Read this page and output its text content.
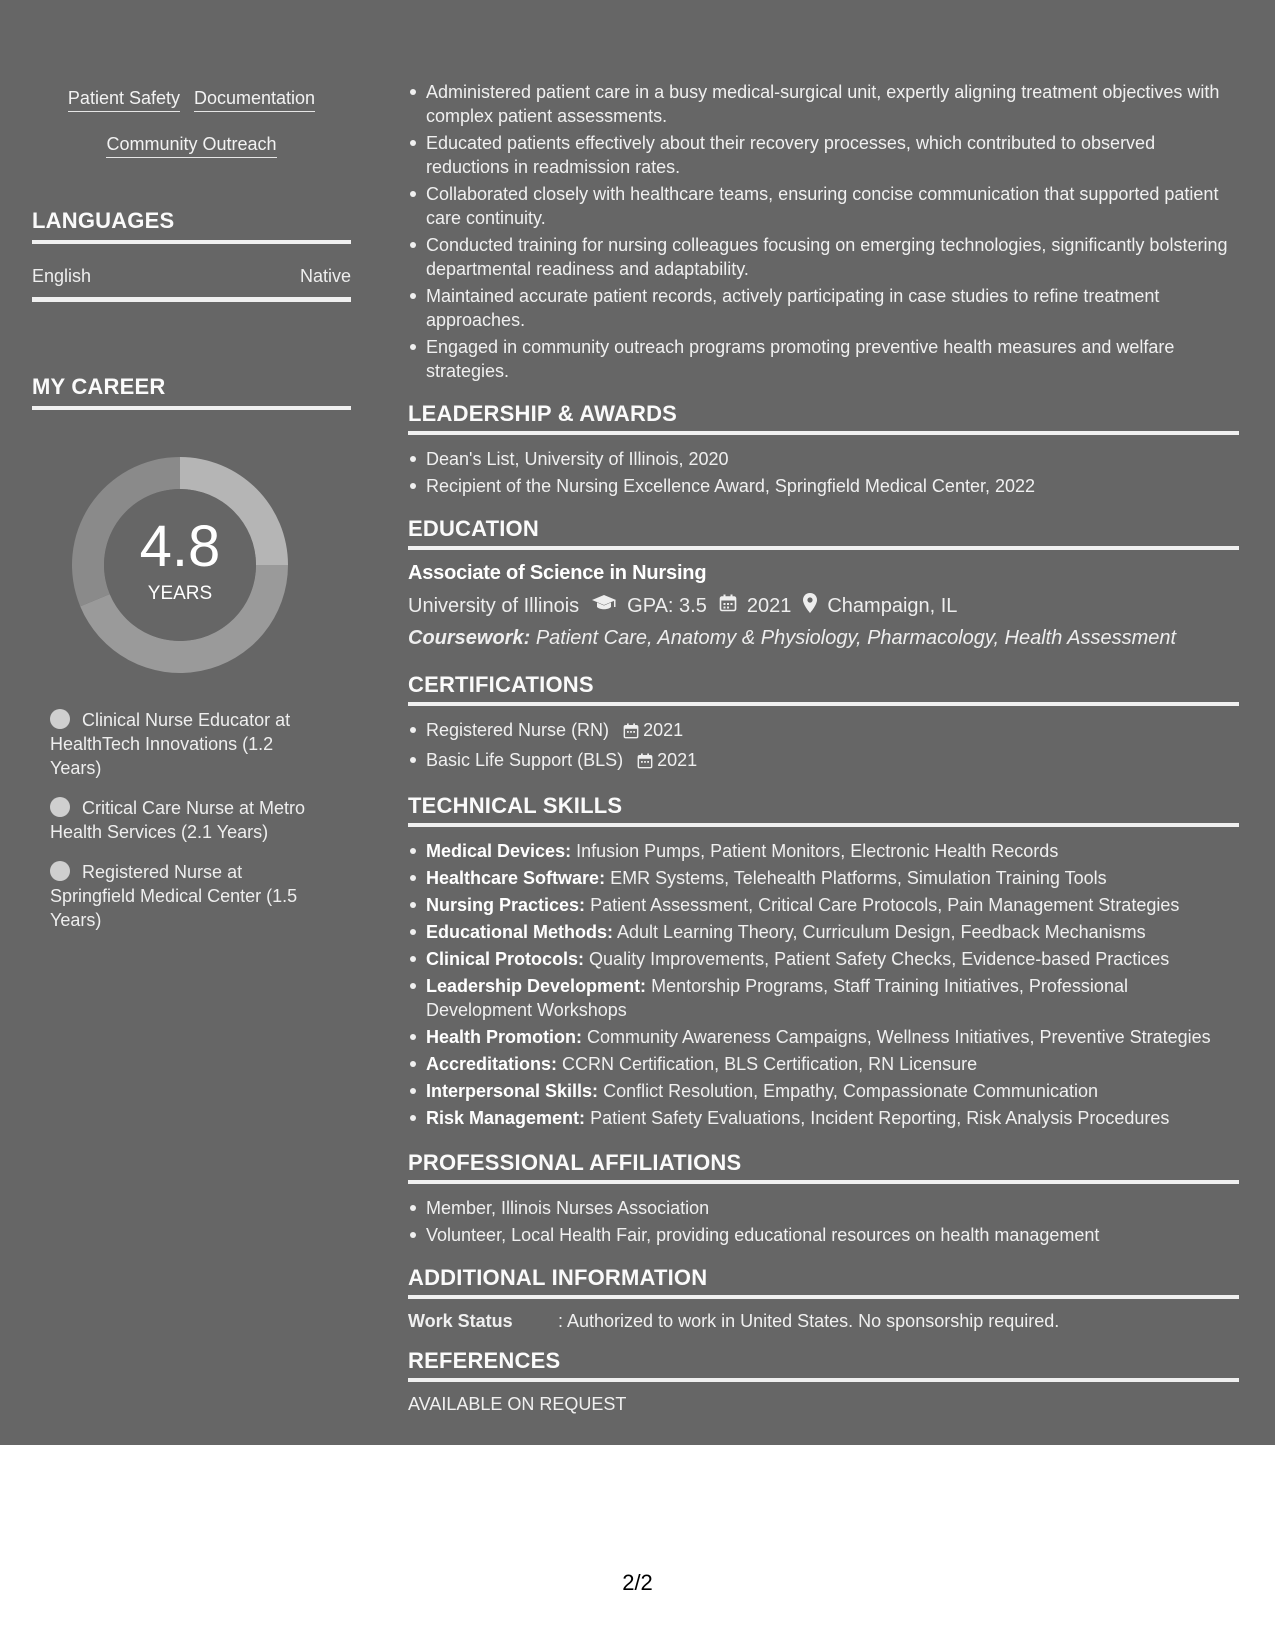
Patient Safety Documentation
Community Outreach
LANGUAGES
English	Native
MY CAREER
4.8
YEARS
Clinical Nurse Educator at HealthTech Innovations (1.2 Years)
Critical Care Nurse at Metro Health Services (2.1 Years)
Registered Nurse at Springfield Medical Center (1.5 Years)
Administered patient care in a busy medical-surgical unit, expertly aligning treatment objectives with complex patient assessments.
Educated patients effectively about their recovery processes, which contributed to observed reductions in readmission rates.
Collaborated closely with healthcare teams, ensuring concise communication that supported patient care continuity.
Conducted training for nursing colleagues focusing on emerging technologies, significantly bolstering departmental readiness and adaptability.
Maintained accurate patient records, actively participating in case studies to refine treatment approaches.
Engaged in community outreach programs promoting preventive health measures and welfare strategies.
LEADERSHIP & AWARDS
Dean's List, University of Illinois, 2020
Recipient of the Nursing Excellence Award, Springfield Medical Center, 2022
EDUCATION
Associate of Science in Nursing
University of Illinois GPA: 3.5 2021 Champaign, IL
Coursework: Patient Care, Anatomy & Physiology, Pharmacology, Health Assessment
CERTIFICATIONS
Registered Nurse (RN) 2021
Basic Life Support (BLS) 2021
TECHNICAL SKILLS
Medical Devices: Infusion Pumps, Patient Monitors, Electronic Health Records
Healthcare Software: EMR Systems, Telehealth Platforms, Simulation Training Tools
Nursing Practices: Patient Assessment, Critical Care Protocols, Pain Management Strategies
Educational Methods: Adult Learning Theory, Curriculum Design, Feedback Mechanisms
Clinical Protocols: Quality Improvements, Patient Safety Checks, Evidence-based Practices
Leadership Development: Mentorship Programs, Staff Training Initiatives, Professional Development Workshops
Health Promotion: Community Awareness Campaigns, Wellness Initiatives, Preventive Strategies
Accreditations: CCRN Certification, BLS Certification, RN Licensure
Interpersonal Skills: Conflict Resolution, Empathy, Compassionate Communication
Risk Management: Patient Safety Evaluations, Incident Reporting, Risk Analysis Procedures
PROFESSIONAL AFFILIATIONS
Member, Illinois Nurses Association
Volunteer, Local Health Fair, providing educational resources on health management
ADDITIONAL INFORMATION
Work Status	: Authorized to work in United States. No sponsorship required.
REFERENCES
AVAILABLE ON REQUEST
2/2
